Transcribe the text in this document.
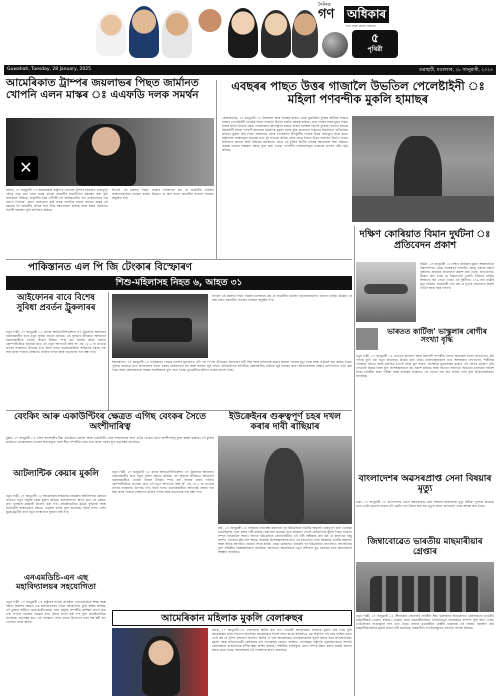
দৈনিক
গণ অধিকাৰ
সত্য আৰু ন্যায়ৰ সন্ধানত
পৃথিৱী
৫
Guwahati, Tuesday, 28 January, 2025	গুৱাহাটী, মঙলবাৰ, ২৮ জানুৱাৰী, ২০২৫
আমেৰিকাত ট্ৰাম্পৰ জয়লাভৰ পিছত জাৰ্মানত খোপনি এলন মাস্কৰ ঃ এএফডি দলক সমৰ্থন
✕
বাৰ্লিন, ২৭ জানুৱাৰী ঃ আমেৰিকাৰ ৰাষ্ট্ৰপতি ডোনাল্ড ট্ৰাম্পৰ চৰকাৰত গুৰুত্বপূৰ্ণ দায়িত্ব লাভ কৰা এলন মাস্কে এতিয়া জাৰ্মানীৰ ৰাজনীতিত হস্তক্ষেপ কৰা বুলি অভিযোগ উঠিছে। জাৰ্মানীৰ চৰম সোঁপন্থী দল অল্টাৰনেটিভ ফৰ ডয়েচলেণ্ডৰ এক সভাত ভিডিঅ' যোগে অংশগ্ৰহণ কৰি মাস্কে দলটোক সমৰ্থন জনায়। মাস্কৰ এই মন্তব্যক লৈ জাৰ্মানীৰ বিভিন্ন দলে তীব্ৰ সমালোচনা কৰিছে আৰু ইয়াক নিৰ্বাচনত বিদেশী হস্তক্ষেপ বুলি অভিহিত কৰিছে।
ইফালে এই মন্তব্যৰ পিছত জাৰ্মান চান্সেলৰে কয় যে জাৰ্মানীৰ ভৱিষ্যৎ জাৰ্মানসকলেহে নিৰ্ধাৰণ কৰিব। উল্লেখ্য যে অহা মাহত জাৰ্মানীত সাধাৰণ নিৰ্বাচন অনুষ্ঠিত হ'ব।
এবছৰৰ পাছত উত্তৰ গাজালৈ উভতিল পেলেষ্টাইনী ঃ মহিলা পণবন্দীক মুকলি হামাছৰ
জেৰুজালেম, ২৭ জানুৱাৰী ঃ ইজৰাইল আৰু হামাছৰ মাজত হোৱা যুদ্ধবিৰতি চুক্তিৰ অধীনত হাজাৰ হাজাৰ পেলেষ্টাইনী নাগৰিক উত্তৰ গাজালৈ উভতি যাবলৈ আৰম্ভ কৰিছে। প্ৰায় পোন্ধৰ মাহৰ যুদ্ধৰ পিছত নিজৰ ঘৰলৈ উভতি যোৱা লোকসকলে ধ্বংসস্তূপৰ মাজত নিজৰ বাসস্থান বিচাৰি ফুৰিছে। ইফালে হামাছে ইজৰাইলী মহিলা পণবন্দী আৰবেল ইয়েহুদক মুকলি কৰিব বুলি জনোৱাৰ পিছতহে ইজৰাইলে নেটজাৰিম কৰিডৰ মুকলি কৰি দিয়ে। সহস্ৰাধিক লোক খোজকাঢ়ি উপকূলীয় পথেৰে উত্তৰ অভিমুখে যাত্ৰা কৰে। ৰাষ্ট্ৰসংঘৰ সংস্থাসমূহে জনোৱা মতে দুই লাখৰো অধিক লোক প্ৰথম দিনতে উত্তৰ গাজালৈ উভতি গৈছে। আনহাতে কাতাৰ আৰু ইজিপ্তৰ মধ্যস্থতাত হোৱা এই চুক্তিৰ দ্বিতীয় পৰ্যায়ৰ আলোচনা অহা সপ্তাহত আৰম্ভ হোৱাৰ সম্ভাৱনা আছে বুলি জনা গৈছে। পণবন্দীৰ পৰিয়ালসমূহে চৰকাৰৰ ওপৰত হেঁচা বৃদ্ধি কৰিছে।
পাকিস্তানত এল পি জি টেংকাৰ বিস্ফোৰণ
শিশু-মহিলাসহ নিহত ৬, আহত ৩১
আইফোনৰ বাবে বিশেষ সুবিধা প্ৰবৰ্তন ট্ৰুকলাৰৰ
নতুন দিল্লী, ২৭ জানুৱাৰী ঃ কলাৰ আইডেণ্টিফিকেশ্যন এপ ট্ৰুকলাৰে আইফোন ব্যৱহাৰকাৰীৰ বাবে নতুন সুবিধা প্ৰবৰ্তন কৰিছে। এই সুবিধাৰ জৰিয়তে আইফোন ব্যৱহাৰকাৰীয়ে এতিয়া ৰিয়েল টাইমত স্পাম কল চিনাক্ত কৰিব পাৰিব। কোম্পানীটোৱে জনোৱা মতে এই নতুন আপডেট আই অ' এছ ১৮.২ বা তাতকৈ ওপৰৰ সংস্কৰণত উপলব্ধ হ'ব। ইয়াৰ ফলত ব্যৱহাৰকাৰীয়ে অচিনাকি নম্বৰৰ পৰা অহা কলৰ পৰিচয় তৎক্ষণাত জানিব পাৰিব আৰু প্ৰতাৰণাৰ পৰা ৰক্ষা পাব।
ইছলামাবাদ, ২৭ জানুৱাৰী ঃ পাকিস্তানৰ পাঞ্জাৱ প্ৰদেশৰ মুলতানত এটা এল পি জি টেংকাৰত বিস্ফোৰণ ঘটি শিশু আৰু মহিলাসহ কমেও ছয়জন লোকৰ মৃত্যু হৈছে আৰু একত্ৰিশ জন আহত হৈছে। পুলিচে জনোৱা মতে বিস্ফোৰণৰ ফলত ওচৰৰ কেইবাখনো ঘৰ আৰু বাহনত জুই লাগে। অগ্নিনিৰ্বাপক বাহিনীয়ে কেইবাঘণ্টাৰ চেষ্টাৰে জুই নিয়ন্ত্ৰণ কৰে। আহতসকলক নিশ্তাৰ হাস্পতালত ভৰ্তি কৰা হৈছে আৰু কেইবাজনৰো অৱস্থা সংকটজনক বুলি জনা গৈছে। মুখ্যমন্ত্ৰীয়ে ঘটনাৰ তদন্তৰ নিৰ্দেশ দিছে।
ইফালে এই মন্তব্যৰ পিছত জাৰ্মান চান্সেলৰে কয় যে জাৰ্মানীৰ ভৱিষ্যৎ জাৰ্মানসকলেহে নিৰ্ধাৰণ কৰিব। উল্লেখ্য যে অহা মাহত জাৰ্মানীত সাধাৰণ নিৰ্বাচন অনুষ্ঠিত হ'ব।
দক্ষিণ কোৰিয়াত বিমান দুৰ্ঘটনা ঃ প্ৰতিবেদন প্ৰকাশ
ছিউল, ২৭ জানুৱাৰী ঃ দক্ষিণ কোৰিয়াৰ মুৱান আন্তৰ্জাতিক বিমানবন্দৰত যোৱা ডিচেম্বৰত সংঘটিত জেজু এয়াৰৰ বিমান দুৰ্ঘটনাৰ প্ৰাথমিক প্ৰতিবেদন প্ৰকাশ কৰা হৈছে। প্ৰতিবেদনত উল্লেখ কৰা হৈছে যে বিমানখনৰ দুয়োটা ইঞ্জিনত চৰাইৰ আঘাতৰ চিন পোৱা গৈছে। এই দুৰ্ঘটনাত ১৭৯ জন যাত্ৰীৰ মৃত্যু হৈছিল। তদন্তকাৰী দলে কয় যে চূড়ান্ত প্ৰতিবেদন প্ৰকাশ হ'বলৈ আৰু সময় লাগিব।
ভাৰতত কাৰ্টিজ' ভাস্কুলাৰ ৰোগীৰ সংখ্যা বৃদ্ধি
নতুন দিল্লী, ২৭ জানুৱাৰী ঃ ভাৰতত হৃদৰোগ আৰু ৰক্তনলী সম্পৰ্কীয় ৰোগৰ আক্ৰান্তৰ সংখ্যা দ্ৰুতগতিত বৃদ্ধি পাইছে বুলি এক নতুন অধ্যয়নত উল্লেখ কৰা হৈছে। চিকিৎসকসকলৰ মতে অস্বাস্থ্যকৰ খাদ্যাভ্যাস, শাৰীৰিক পৰিশ্ৰমৰ অভাৱ আৰু মানসিক চাপেই ইয়াৰ মূল কাৰণ। বিশেষকৈ যুৱপ্ৰজন্মৰ মাজত এই ৰোগৰ প্ৰকোপ বৃদ্ধি পোৱাটো চিন্তাৰ বিষয় বুলি বিশেষজ্ঞসকলে মত প্ৰকাশ কৰিছে। স্বাস্থ্য বিভাগে সজাগতা অভিযান চলোৱাৰ পৰামৰ্শ দিছে। নিয়মীয়া স্বাস্থ্য পৰীক্ষা আৰু ব্যায়ামৰ জৰিয়তে এই ৰোগৰ পৰা হাত সাৰিব পাৰি বুলি চিকিৎসকসকলে জনাইছে।
বেংকিং আৰু একাউণ্টিংৰ ক্ষেত্ৰত এগিছ বেংকৰ সৈতে অংশীদাৰিত্ব
মুম্বাই, ২৭ জানুৱাৰী ঃ দেশৰ আগশাৰীৰ বীমা প্ৰতিষ্ঠানে বেংকিং আৰু একাউণ্টিং সেৱা সম্প্ৰসাৰণৰ বাবে এগিছ বেংকৰ সৈতে অংশীদাৰিত্ব চুক্তি স্বাক্ষৰ কৰিছে। এই চুক্তিৰ জৰিয়তে গ্ৰাহকসকলে বেংকৰ শাখাসমূহৰ পৰাই বীমা সম্পৰ্কীয় সেৱা লাভ কৰিব পাৰিব বুলি কৰ্তৃপক্ষই জনাইছে।
ইউক্ৰেইনৰ গুৰুত্বপূৰ্ণ চহৰ দখল কৰাৰ দাবী ৰাছিয়াৰ
মস্ক', ২৭ জানুৱাৰী ঃ ৰাছিয়াৰ প্ৰতিৰক্ষা মন্ত্ৰালয়ে পূব ইউক্ৰেইনৰ দনেটস্ক অঞ্চলৰ গুৰুত্বপূৰ্ণ চহৰ ভেলিকা নভোছিলকা দখল কৰাৰ দাবী কৰিছে। মন্ত্ৰালয়ে জনোৱা মতে ৰাছিয়ান সেনাই কেইবাদিনৰ যুঁজৰ পিছত চহৰখন সম্পূৰ্ণ নিয়ন্ত্ৰণলৈ আনে। ইফালে ইউক্ৰেইনৰ সেনাবাহিনীয়ে এই দাবী অস্বীকাৰ কৰি কয় যে চহৰখনৰ কিছু অংশত এতিয়াও যুঁজ চলি আছে। সামৰিক বিশেষজ্ঞসকলৰ মতে এই চহৰখনৰ দখলে ৰাছিয়াক দনেটস্ক অঞ্চলত আৰু অধিক আগবাঢ়ি যোৱাত সহায় কৰিব। যোৱা কেইমাহত ৰাছিয়াই পূব ইউক্ৰেইনত দ্ৰুতগতিত আগবাঢ়িছে বুলি পশ্চিমীয়া বিশ্লেষকসকলে জনাইছে। আনহাতে আমেৰিকাৰ নতুন প্ৰশাসনে যুদ্ধ সমাপ্তিৰ বাবে আলোচনাৰ আহ্বান জনাইছে।
আটলান্টিক কেয়াৰ মুকলি
নতুন দিল্লী, ২৭ জানুৱাৰী ঃ আমেৰিকাৰ স্বাস্থ্যসেৱা প্ৰতিষ্ঠান আটলান্টিক কেয়াৰে ভাৰতত নতুন প্ৰযুক্তি কেন্দ্ৰ মুকলি কৰিছে। হায়দৰাবাদত স্থাপন কৰা এই কেন্দ্ৰত প্ৰায় দুহেজাৰ কৰ্মচাৰী নিয়োগ কৰা হ'ব। প্ৰতিষ্ঠানটোৱে কৃত্ৰিম বুদ্ধিমত্তা আৰু ডিজিটেল স্বাস্থ্যসেৱাৰ ক্ষেত্ৰত গৱেষণা চলাব বুলি জনাইছে। ইয়াৰ ফলত দেশৰ যুৱক-যুৱতীৰ বাবে নতুন সংস্থাপনৰ সুযোগ সৃষ্টি হ'ব।
নতুন দিল্লী, ২৭ জানুৱাৰী ঃ কলাৰ আইডেণ্টিফিকেশ্যন এপ ট্ৰুকলাৰে আইফোন ব্যৱহাৰকাৰীৰ বাবে নতুন সুবিধা প্ৰবৰ্তন কৰিছে। এই সুবিধাৰ জৰিয়তে আইফোন ব্যৱহাৰকাৰীয়ে এতিয়া ৰিয়েল টাইমত স্পাম কল চিনাক্ত কৰিব পাৰিব। কোম্পানীটোৱে জনোৱা মতে এই নতুন আপডেট আই অ' এছ ১৮.২ বা তাতকৈ ওপৰৰ সংস্কৰণত উপলব্ধ হ'ব। ইয়াৰ ফলত ব্যৱহাৰকাৰীয়ে অচিনাকি নম্বৰৰ পৰা অহা কলৰ পৰিচয় তৎক্ষণাত জানিব পাৰিব আৰু প্ৰতাৰণাৰ পৰা ৰক্ষা পাব।
এনএমডিচি-এন এছ মহাবিদ্যালয়ৰ সহযোগিতা
নতুন দিল্লী, ২৭ জানুৱাৰী ঃ ৰাষ্ট্ৰায়ত্ত খনিজ প্ৰতিষ্ঠান এনএমডিচিয়ে শিক্ষা আৰু দক্ষতা বিকাশৰ ক্ষেত্ৰত এক মহাবিদ্যালয়ৰ সৈতে সহযোগিতা চুক্তি স্বাক্ষৰ কৰিছে। এই চুক্তিৰ অধীনত ছাত্ৰ-ছাত্ৰীসকলক খনন প্ৰযুক্তি সম্পৰ্কীয় প্ৰশিক্ষণ প্ৰদান কৰা হ'ব। লগতে গৱেষণা প্ৰকল্পৰ বাবে বৃত্তিও প্ৰদান কৰা হ'ব বুলি প্ৰতিষ্ঠানটোৱে জনাইছে। কৰ্তৃপক্ষৰ মতে এই পদক্ষেপে দেশৰ খনিজ উদ্যোগৰ বাবে দক্ষ কৰ্মী গঢ়ি তোলাত সহায় কৰিব।
বাংলাদেশৰ অৱসৰপ্ৰাপ্ত সেনা বিষয়াৰ মৃত্যু
ঢাকা, ২৭ জানুৱাৰী ঃ বাংলাদেশৰ এজন অৱসৰপ্ৰাপ্ত সেনা বিষয়াৰ ৰহস্যজনক মৃত্যু ঘটিছে। পুলিচে জনোৱা মতে তেওঁৰ মৃতদেহ ঢাকাৰ এটা ফ্লেটৰ পৰা উদ্ধাৰ কৰা হয়। মৃত্যুৰ কাৰণ জানিবলৈ তদন্ত আৰম্ভ কৰা হৈছে।
জিম্বাবোৱেত ভাৰতীয় মাছমাৰীয়াৰ গ্ৰেপ্তাৰ
নতুন দিল্লী, ২৭ জানুৱাৰী ঃ শ্ৰীলংকাৰ নৌসেনাই সাগৰীয় সীমা উলংঘনৰ অভিযোগত কেইবাজনো ভাৰতীয় মাছমাৰীয়াক গ্ৰেপ্তাৰ কৰিছে। গ্ৰেপ্তাৰ হোৱা মাছমাৰীয়াসকল তামিলনাডুৰ ৰামেশ্বৰমৰ বাসিন্দা বুলি জনা গৈছে। তেওঁলোকৰ নাওসমূহো জব্দ কৰা হৈছে। ৰাজ্যৰ মুখ্যমন্ত্ৰীয়ে কেন্দ্ৰীয় চৰকাৰক এই বিষয়ত হস্তক্ষেপ কৰি মাছমাৰীয়াসকলক মুকলি কৰাৰ দাবী জনাইছে। মাছমাৰীয়া সংগঠনসমূহেও প্ৰতিবাদ সাব্যস্ত কৰিছে।
আমেৰিকান মহিলাক মুকলি বেলাৰুছৰ
মিনস্ক, ২৭ জানুৱাৰী ঃ বেলাৰুছে আটক কৰি ৰখা এগৰাকী আমেৰিকান মহিলাক মুকলি কৰি দিছে বুলি আমেৰিকাৰ ৰাজ্য বিভাগে জনাইছে। আমেৰিকাৰ বিদেশ সচিব মাৰ্কো ৰুবিঅ'ৱে এক বিবৃতিত এই খবৰ নিশ্চিত কৰে। তেওঁ কয় যে ট্ৰাম্প প্ৰশাসনে বিদেশত আটক হৈ থকা আমেৰিকান নাগৰিকসকলক ঘূৰাই অনাৰ বাবে প্ৰতিশ্ৰুতিবদ্ধ। মুকলি হোৱা মহিলাগৰাকী কেইবামাহ ধৰি বেলাৰুছৰ জেলত আছিল। বেলাৰুছৰ ৰাষ্ট্ৰপতি লুকাছেংকোৱে সম্প্ৰতি কেইবাজনো ৰাজনৈতিক বন্দীক ক্ষমা প্ৰদৰ্শন কৰিছে। পশ্চিমীয়া দেশসমূহৰ সৈতে সম্পৰ্ক উন্নত কৰাৰ প্ৰচেষ্টা হিচাপে ইয়াক চোৱা হৈছে। আমেৰিকাই এই পদক্ষেপক স্বাগত জনাইছে।
